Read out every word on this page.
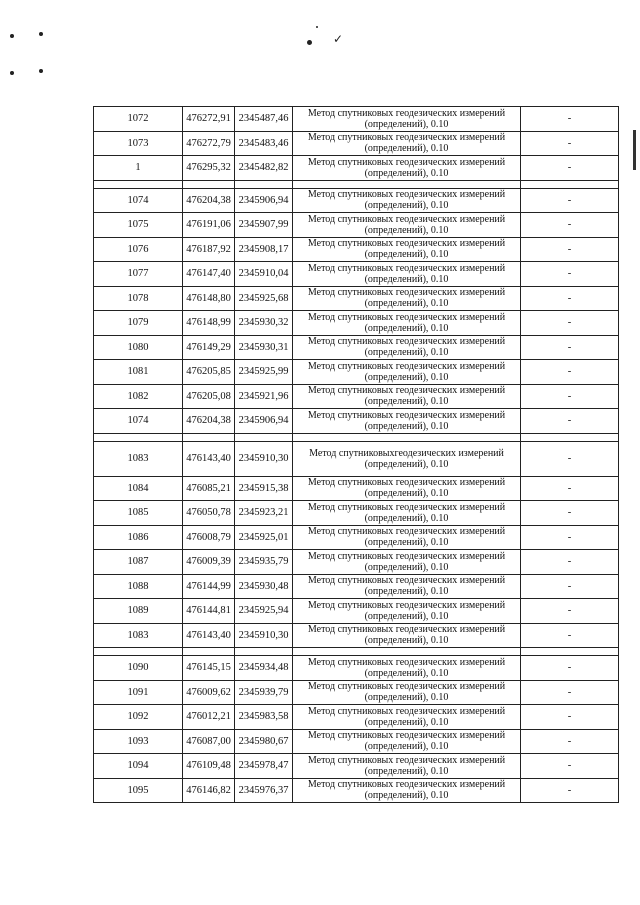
✓
1072	476272,91	2345487,46	Метод спутниковых геодезических измерений (определений), 0.10	-
1073	476272,79	2345483,46	Метод спутниковых геодезических измерений (определений), 0.10	-
1	476295,32	2345482,82	Метод спутниковых геодезических измерений (определений), 0.10	-

1074	476204,38	2345906,94	Метод спутниковых геодезических измерений (определений), 0.10	-
1075	476191,06	2345907,99	Метод спутниковых геодезических измерений (определений), 0.10	-
1076	476187,92	2345908,17	Метод спутниковых геодезических измерений (определений), 0.10	-
1077	476147,40	2345910,04	Метод спутниковых геодезических измерений (определений), 0.10	-
1078	476148,80	2345925,68	Метод спутниковых геодезических измерений (определений), 0.10	-
1079	476148,99	2345930,32	Метод спутниковых геодезических измерений (определений), 0.10	-
1080	476149,29	2345930,31	Метод спутниковых геодезических измерений (определений), 0.10	-
1081	476205,85	2345925,99	Метод спутниковых геодезических измерений (определений), 0.10	-
1082	476205,08	2345921,96	Метод спутниковых геодезических измерений (определений), 0.10	-
1074	476204,38	2345906,94	Метод спутниковых геодезических измерений (определений), 0.10	-

1083	476143,40	2345910,30	Метод спутниковыхгеодезических измерений (определений), 0.10	-
1084	476085,21	2345915,38	Метод спутниковых геодезических измерений (определений), 0.10	-
1085	476050,78	2345923,21	Метод спутниковых геодезических измерений (определений), 0.10	-
1086	476008,79	2345925,01	Метод спутниковых геодезических измерений (определений), 0.10	-
1087	476009,39	2345935,79	Метод спутниковых геодезических измерений (определений), 0.10	-
1088	476144,99	2345930,48	Метод спутниковых геодезических измерений (определений), 0.10	-
1089	476144,81	2345925,94	Метод спутниковых геодезических измерений (определений), 0.10	-
1083	476143,40	2345910,30	Метод спутниковых геодезических измерений (определений), 0.10	-

1090	476145,15	2345934,48	Метод спутниковых геодезических измерений (определений), 0.10	-
1091	476009,62	2345939,79	Метод спутниковых геодезических измерений (определений), 0.10	-
1092	476012,21	2345983,58	Метод спутниковых геодезических измерений (определений), 0.10	-
1093	476087,00	2345980,67	Метод спутниковых геодезических измерений (определений), 0.10	-
1094	476109,48	2345978,47	Метод спутниковых геодезических измерений (определений), 0.10	-
1095	476146,82	2345976,37	Метод спутниковых геодезических измерений (определений), 0.10	-
